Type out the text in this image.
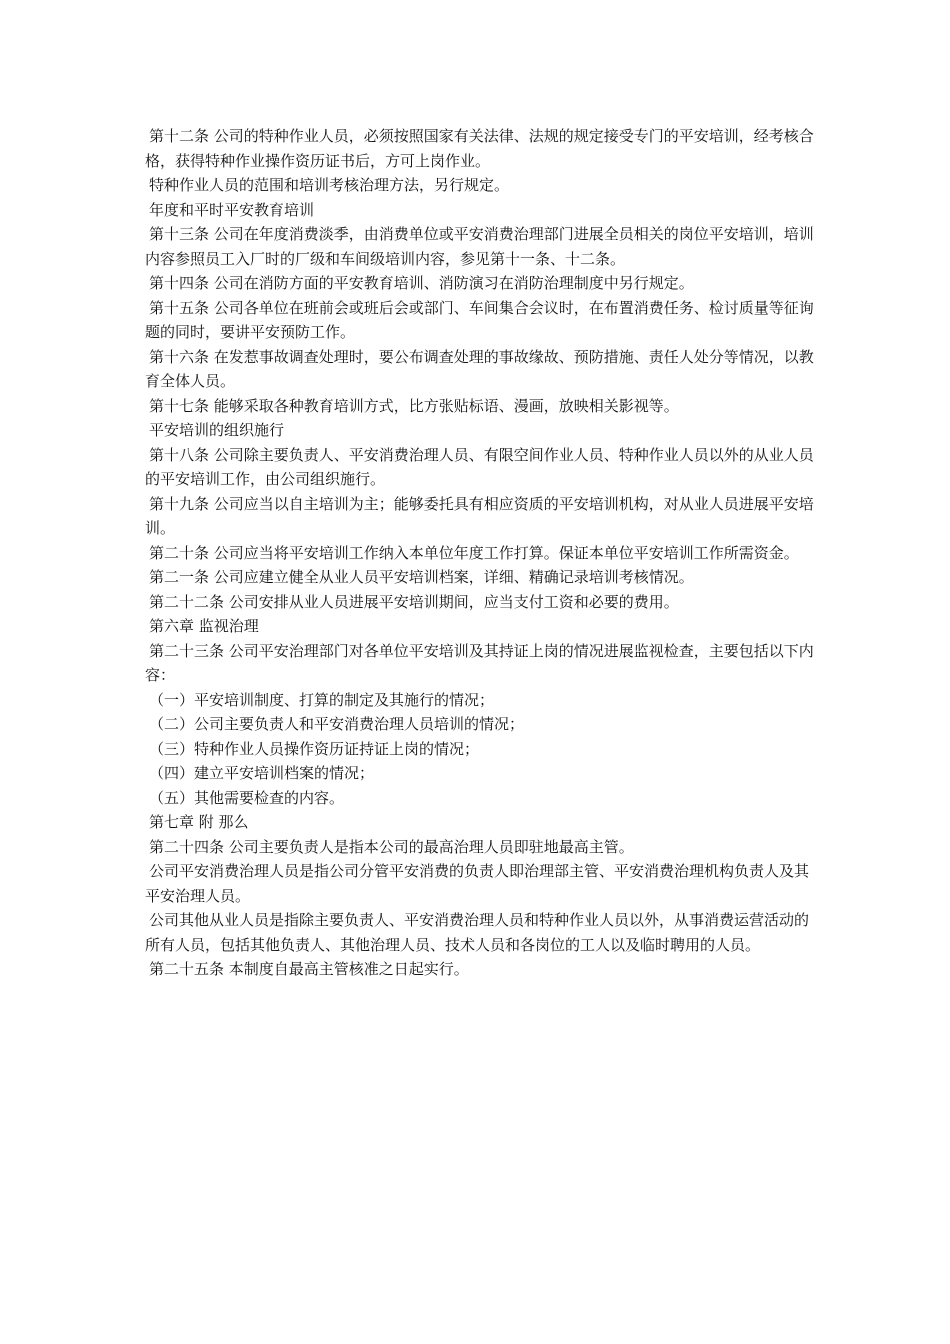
第十二条 公司的特种作业人员，必须按照国家有关法律、法规的规定接受专门的平安培训，经考核合格，获得特种作业操作资历证书后，方可上岗作业。

特种作业人员的范围和培训考核治理方法，另行规定。

年度和平时平安教育培训

第十三条 公司在年度消费淡季，由消费单位或平安消费治理部门进展全员相关的岗位平安培训，培训内容参照员工入厂时的厂级和车间级培训内容，参见第十一条、十二条。

第十四条 公司在消防方面的平安教育培训、消防演习在消防治理制度中另行规定。

第十五条 公司各单位在班前会或班后会或部门、车间集合会议时，在布置消费任务、检讨质量等征询题的同时，要讲平安预防工作。

第十六条 在发惹事故调查处理时，要公布调查处理的事故缘故、预防措施、责任人处分等情况，以教育全体人员。

第十七条 能够采取各种教育培训方式，比方张贴标语、漫画，放映相关影视等。

平安培训的组织施行

第十八条 公司除主要负责人、平安消费治理人员、有限空间作业人员、特种作业人员以外的从业人员的平安培训工作，由公司组织施行。

第十九条 公司应当以自主培训为主；能够委托具有相应资质的平安培训机构，对从业人员进展平安培训。

第二十条 公司应当将平安培训工作纳入本单位年度工作打算。保证本单位平安培训工作所需资金。

第二一条 公司应建立健全从业人员平安培训档案，详细、精确记录培训考核情况。

第二十二条 公司安排从业人员进展平安培训期间，应当支付工资和必要的费用。

第六章 监视治理

第二十三条 公司平安治理部门对各单位平安培训及其持证上岗的情况进展监视检查，主要包括以下内容：

（一）平安培训制度、打算的制定及其施行的情况；

（二）公司主要负责人和平安消费治理人员培训的情况；

（三）特种作业人员操作资历证持证上岗的情况；

（四）建立平安培训档案的情况；

（五）其他需要检查的内容。

第七章 附 那么

第二十四条 公司主要负责人是指本公司的最高治理人员即驻地最高主管。

公司平安消费治理人员是指公司分管平安消费的负责人即治理部主管、平安消费治理机构负责人及其平安治理人员。

公司其他从业人员是指除主要负责人、平安消费治理人员和特种作业人员以外，从事消费运营活动的所有人员，包括其他负责人、其他治理人员、技术人员和各岗位的工人以及临时聘用的人员。

第二十五条 本制度自最高主管核准之日起实行。
